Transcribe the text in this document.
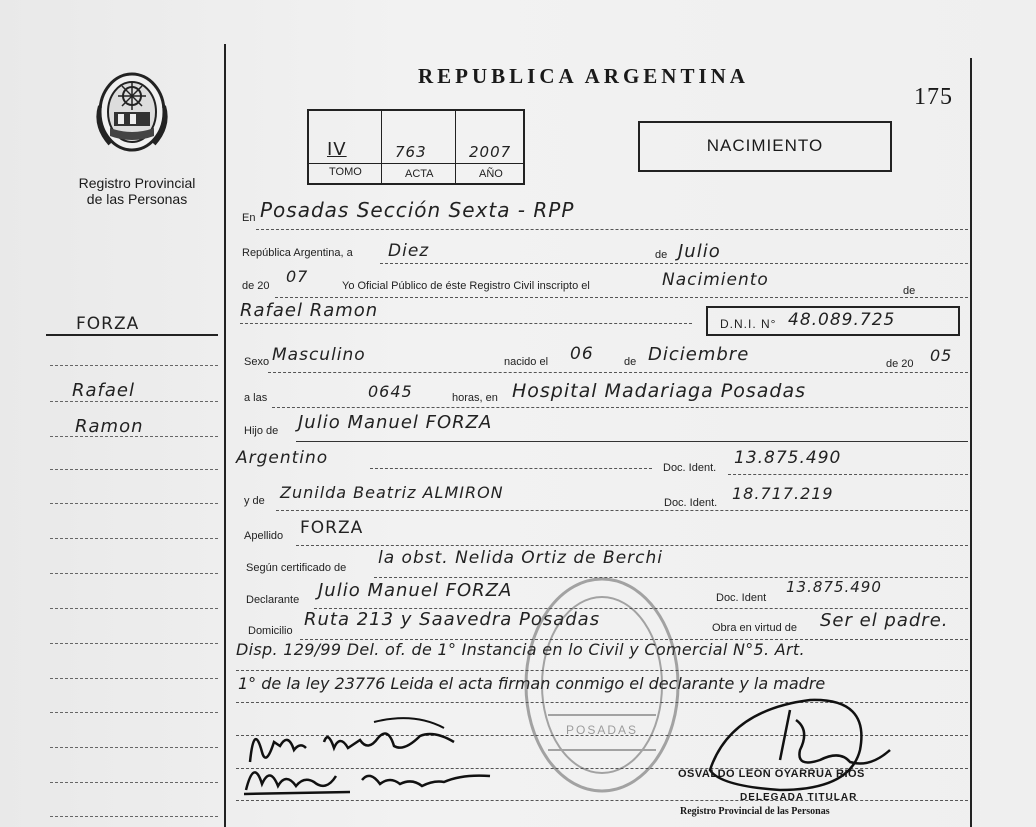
Registro Provincial
de las Personas
FORZA
Rafael
Ramon
REPUBLICA ARGENTINA
175
IV	763	2007
TOMO	ACTA	AÑO
NACIMIENTO
En Posadas Sección Sexta - RPP
República Argentina, a Diez	de Julio
de 20 07	Yo Oficial Público de éste Registro Civil inscripto el	Nacimiento
de
Rafael Ramon
D.N.I. N° 48.089.725
Sexo Masculino	nacido el 06	de Diciembre	de 20 05
a las	0645	horas, en Hospital Madariaga Posadas
Hijo de Julio Manuel FORZA
Argentino	Doc. Ident. 13.875.490
y de Zunilda Beatriz ALMIRON
Doc. Ident. 18.717.219
Apellido FORZA
Según certificado de la obst. Nelida Ortiz de Berchi
Declarante Julio Manuel FORZA	Doc. Ident
13.875.490
Domicilio
Ruta 213 y Saavedra Posadas	Obra en virtud de Ser el padre.
Disp. 129/99 Del. of. de 1° Instancia en lo Civil y Comercial N°5. Art.
1° de la ley 23776 Leida el acta firman conmigo el declarante y la madre
POSADAS
OSVALDO LEON OYARRUA RIOS
DELEGADA TITULAR
Registro Provincial de las Personas
